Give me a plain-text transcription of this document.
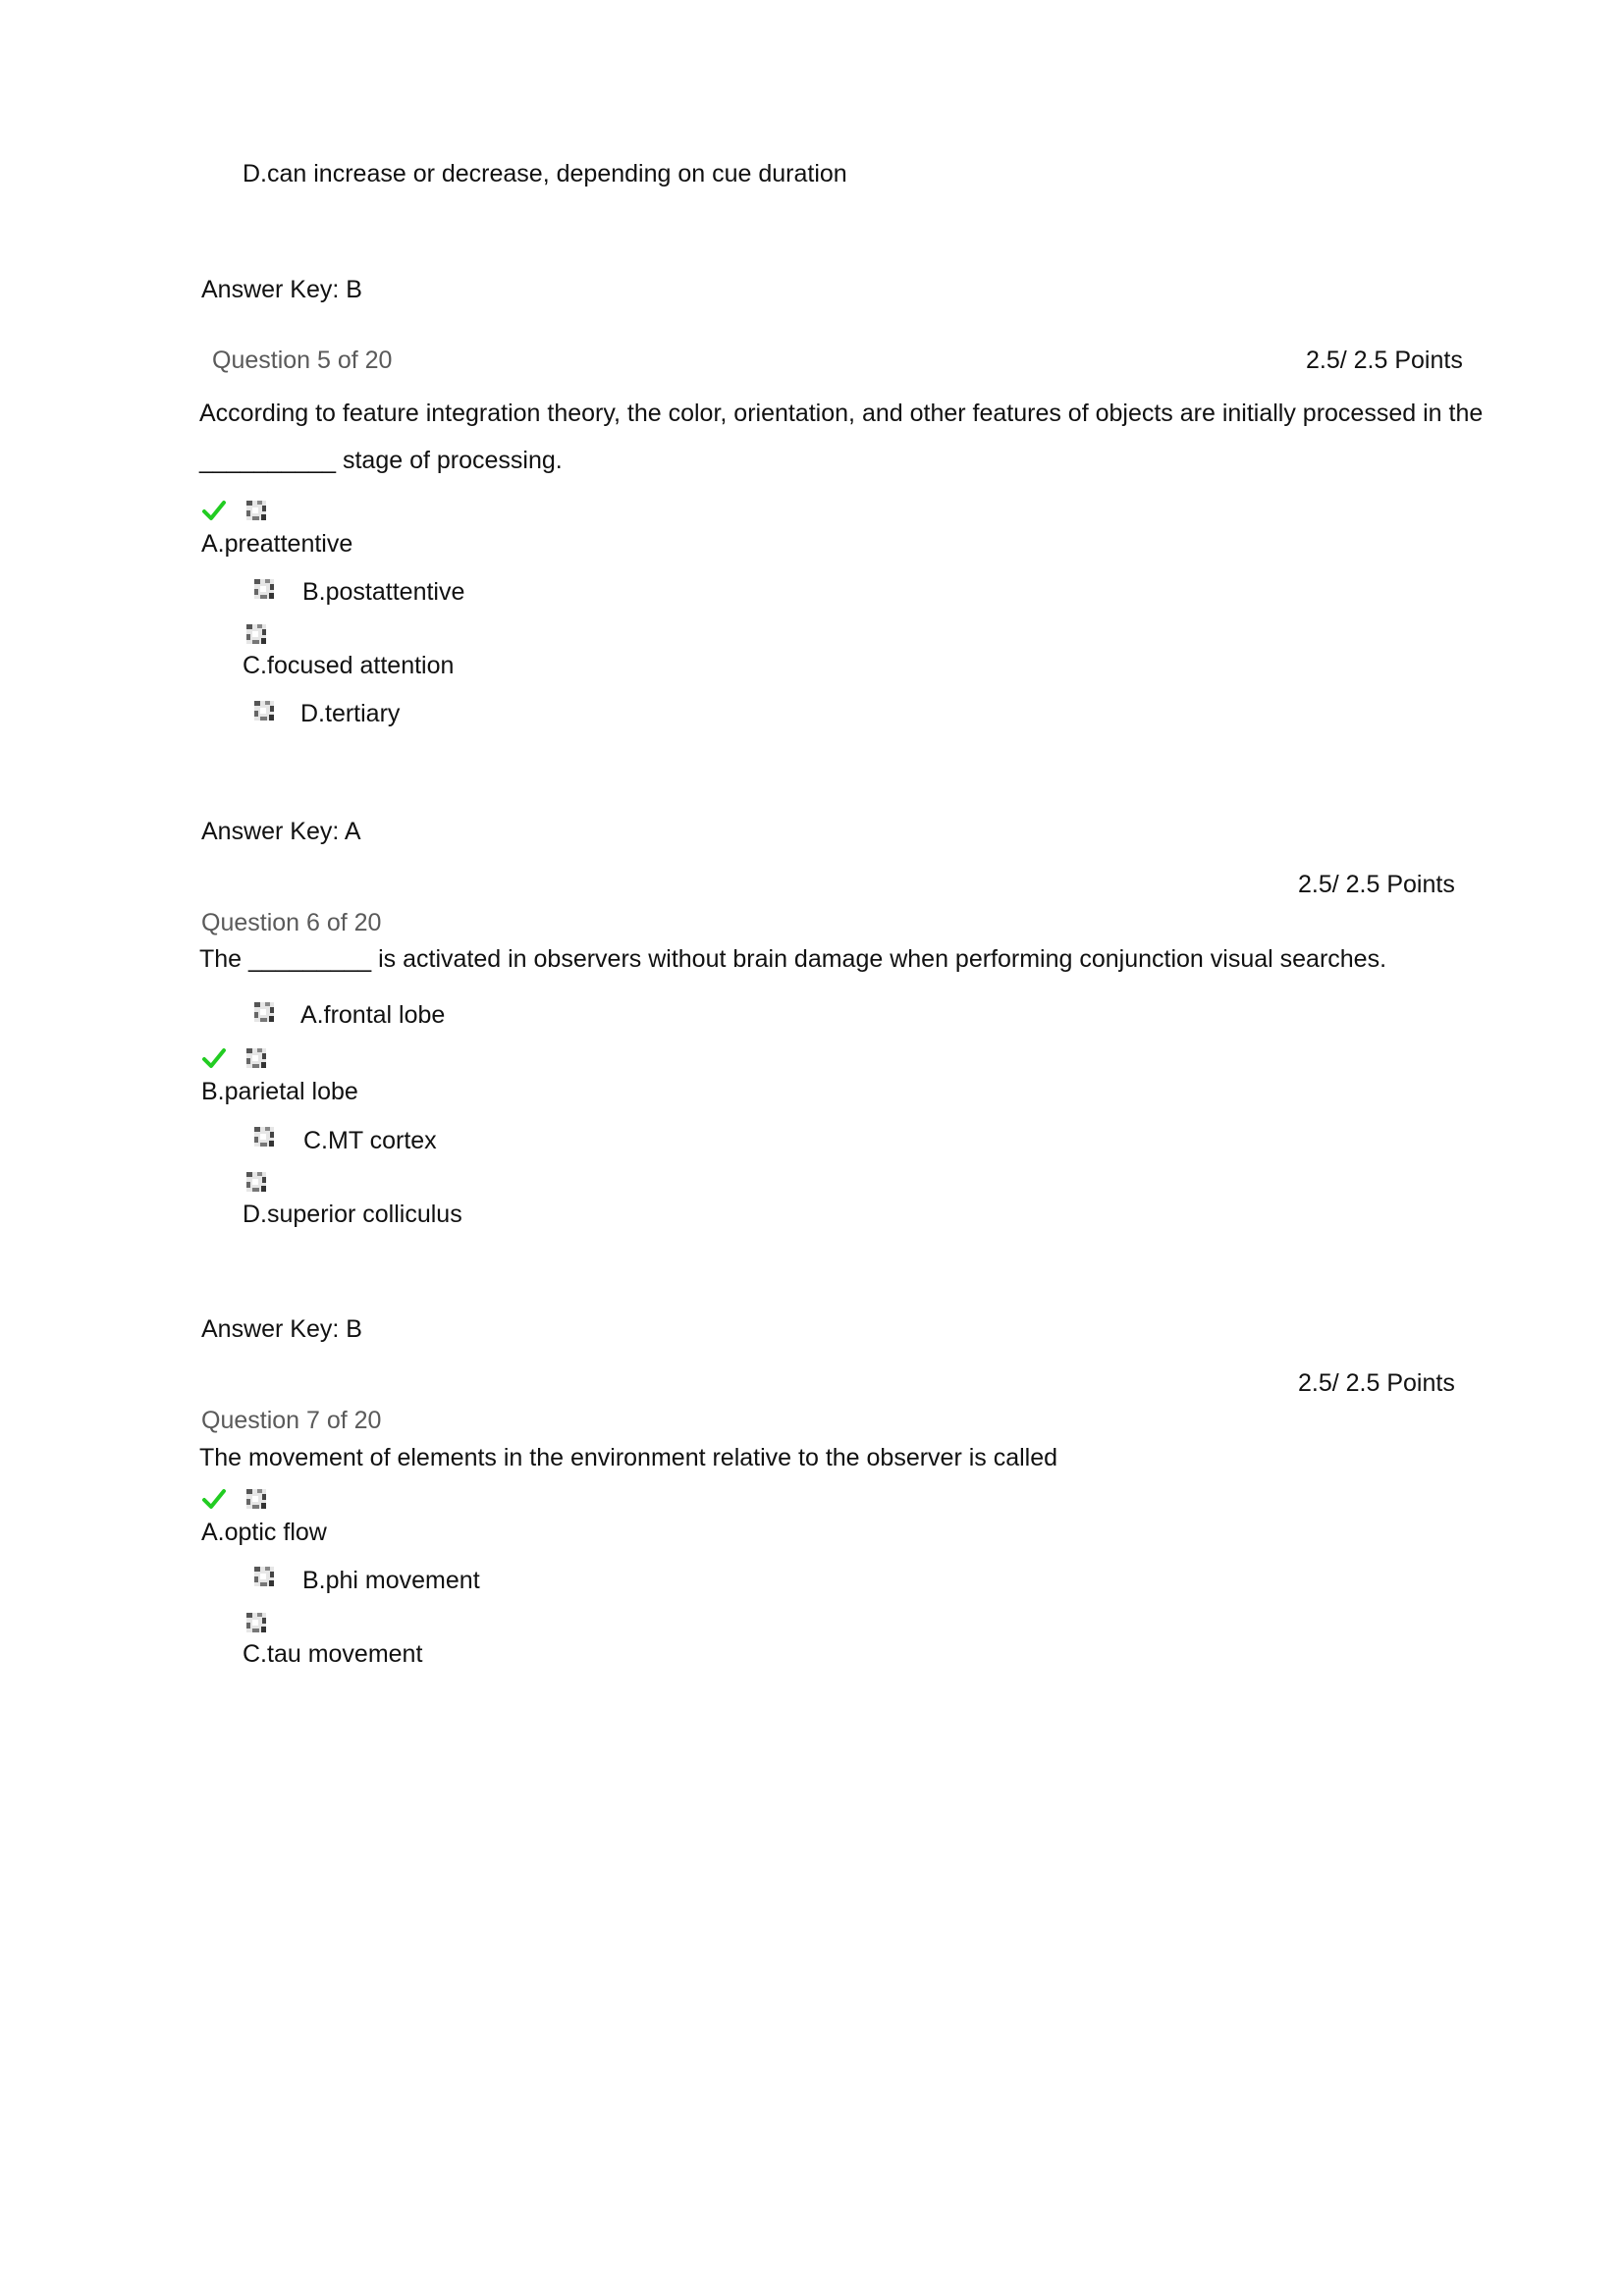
D.can increase or decrease, depending on cue duration
Answer Key: B
Question 5 of 20	2.5/ 2.5 Points
According to feature integration theory, the color, orientation, and other features of objects are initially processed in the __________ stage of processing.
A.preattentive
B.postattentive
C.focused attention
D.tertiary
Answer Key: A
2.5/ 2.5 Points
Question 6 of 20
The _________ is activated in observers without brain damage when performing conjunction visual searches.
A.frontal lobe
B.parietal lobe
C.MT cortex
D.superior colliculus
Answer Key: B
2.5/ 2.5 Points
Question 7 of 20
The movement of elements in the environment relative to the observer is called
A.optic flow
B.phi movement
C.tau movement
